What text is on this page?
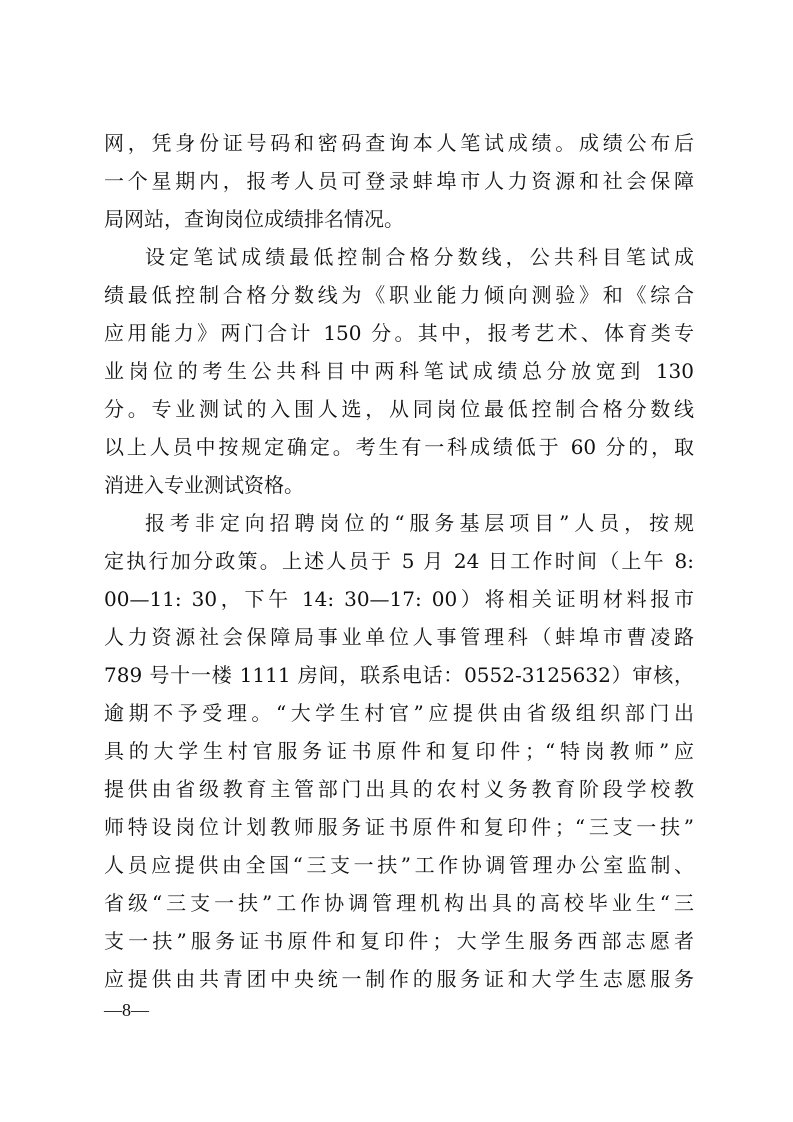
网，凭身份证号码和密码查询本人笔试成绩。成绩公布后
一个星期内，报考人员可登录蚌埠市人力资源和社会保障
局网站，查询岗位成绩排名情况。
设定笔试成绩最低控制合格分数线，公共科目笔试成
绩最低控制合格分数线为《职业能力倾向测验》和《综合
应用能力》两门合计 150 分。其中，报考艺术、体育类专
业岗位的考生公共科目中两科笔试成绩总分放宽到 130
分。专业测试的入围人选，从同岗位最低控制合格分数线
以上人员中按规定确定。考生有一科成绩低于 60 分的，取
消进入专业测试资格。
报考非定向招聘岗位的“服务基层项目”人员，按规
定执行加分政策。上述人员于 5 月 24 日工作时间（上午 8:
00—11: 30，下午 14: 30—17: 00）将相关证明材料报市
人力资源社会保障局事业单位人事管理科（蚌埠市曹凌路
789 号十一楼 1111 房间，联系电话：0552-3125632）审核，
逾期不予受理。“大学生村官”应提供由省级组织部门出
具的大学生村官服务证书原件和复印件；“特岗教师”应
提供由省级教育主管部门出具的农村义务教育阶段学校教
师特设岗位计划教师服务证书原件和复印件；“三支一扶”
人员应提供由全国“三支一扶”工作协调管理办公室监制、
省级“三支一扶”工作协调管理机构出具的高校毕业生“三
支一扶”服务证书原件和复印件；大学生服务西部志愿者
应提供由共青团中央统一制作的服务证和大学生志愿服务
—8—
